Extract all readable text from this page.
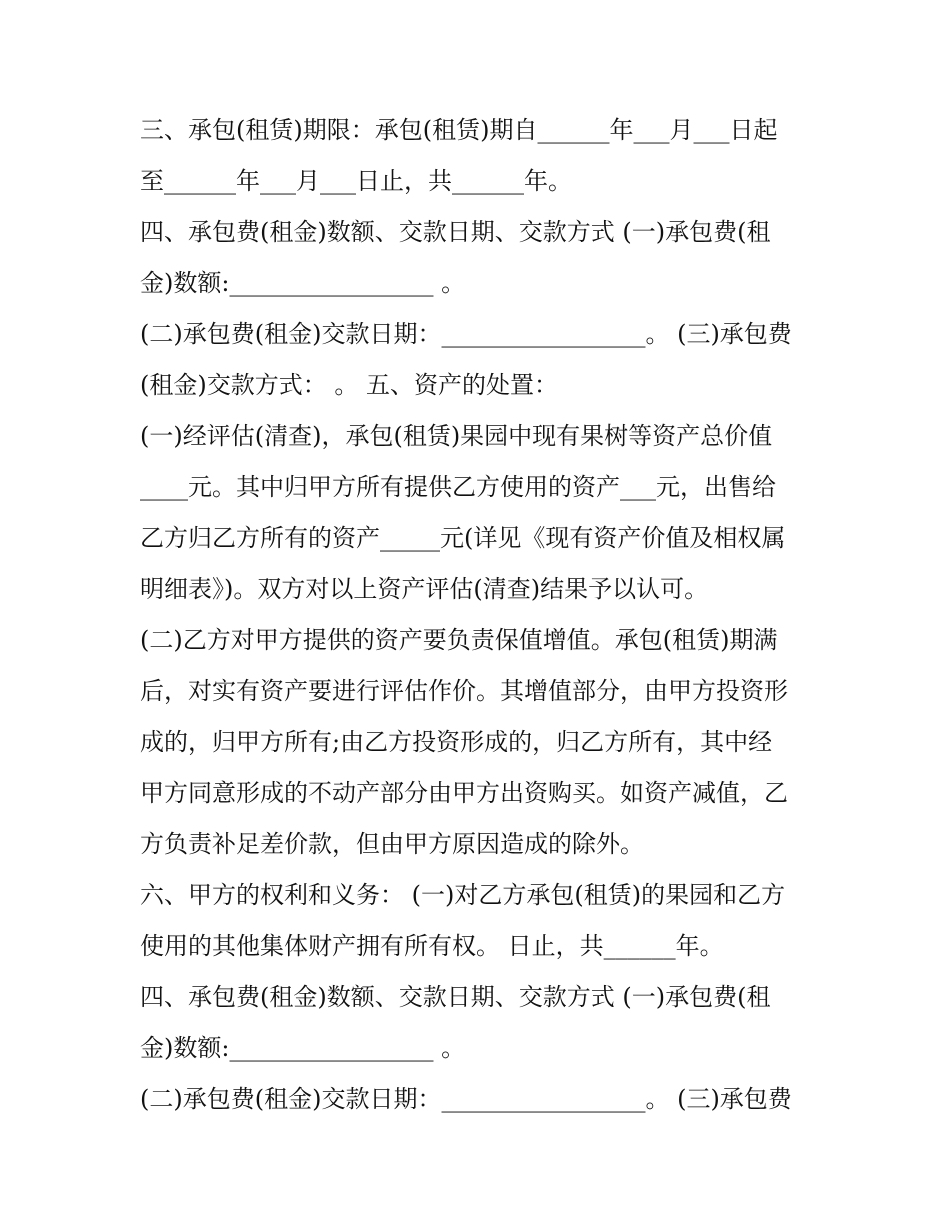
三、承包(租赁)期限：承包(租赁)期自______年___月___日起
至______年___月___日止，共______年。
四、承包费(租金)数额、交款日期、交款方式 (一)承包费(租
金)数额:_________________ 。
(二)承包费(租金)交款日期：_________________。 (三)承包费
(租金)交款方式： 。 五、资产的处置：
(一)经评估(清查)，承包(租赁)果园中现有果树等资产总价值
____元。其中归甲方所有提供乙方使用的资产___元，出售给
乙方归乙方所有的资产_____元(详见《现有资产价值及相权属
明细表》)。双方对以上资产评估(清查)结果予以认可。
(二)乙方对甲方提供的资产要负责保值增值。承包(租赁)期满
后，对实有资产要进行评估作价。其增值部分，由甲方投资形
成的，归甲方所有;由乙方投资形成的，归乙方所有，其中经
甲方同意形成的不动产部分由甲方出资购买。如资产减值，乙
方负责补足差价款，但由甲方原因造成的除外。
六、甲方的权利和义务： (一)对乙方承包(租赁)的果园和乙方
使用的其他集体财产拥有所有权。 日止，共______年。
四、承包费(租金)数额、交款日期、交款方式 (一)承包费(租
金)数额:_________________ 。
(二)承包费(租金)交款日期：_________________。 (三)承包费
